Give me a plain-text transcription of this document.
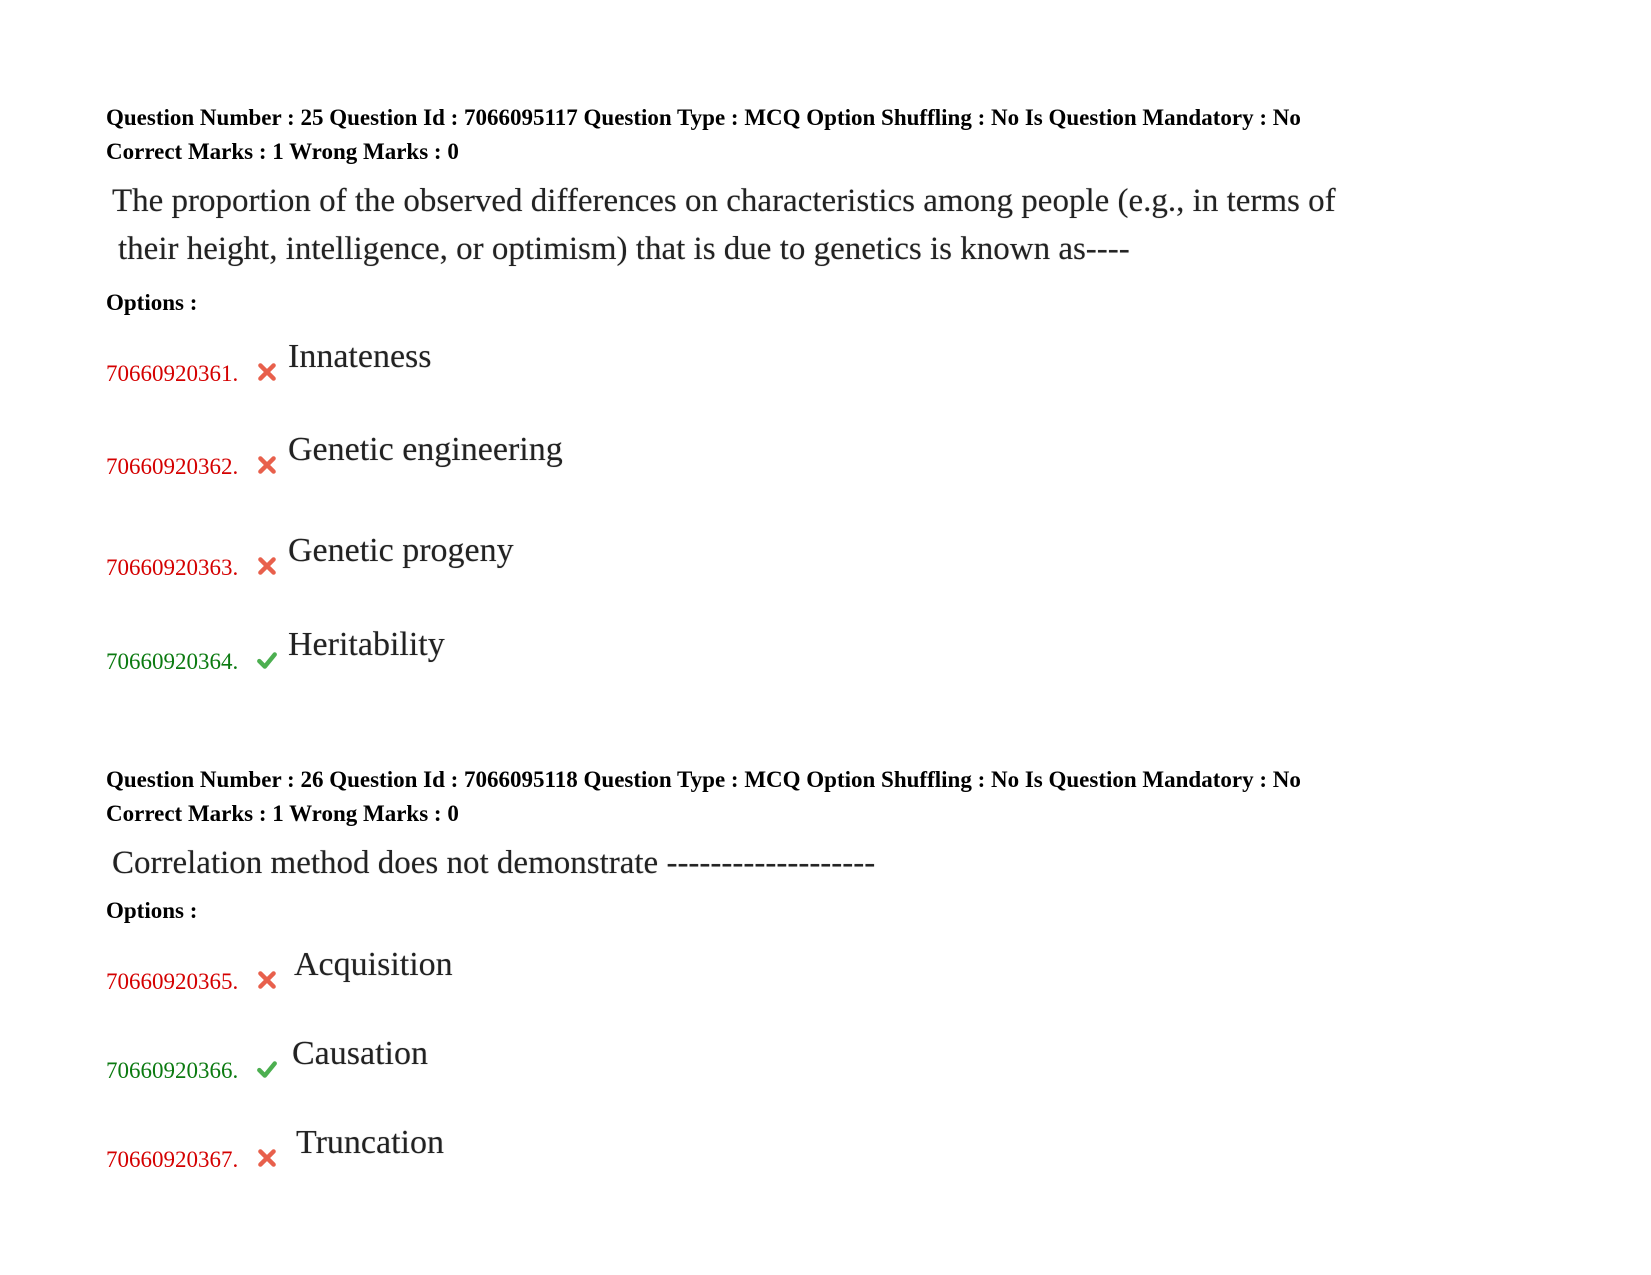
Question Number : 25 Question Id : 7066095117 Question Type : MCQ Option Shuffling : No Is Question Mandatory : No

Correct Marks : 1 Wrong Marks : 0

The proportion of the observed differences on characteristics among people (e.g., in terms of
their height, intelligence, or optimism) that is due to genetics is known as----

Options :

70660920361. Innateness
70660920362. Genetic engineering
70660920363. Genetic progeny
70660920364. Heritability

Question Number : 26 Question Id : 7066095118 Question Type : MCQ Option Shuffling : No Is Question Mandatory : No

Correct Marks : 1 Wrong Marks : 0

Correlation method does not demonstrate -------------------

Options :

70660920365. Acquisition
70660920366. Causation
70660920367. Truncation
